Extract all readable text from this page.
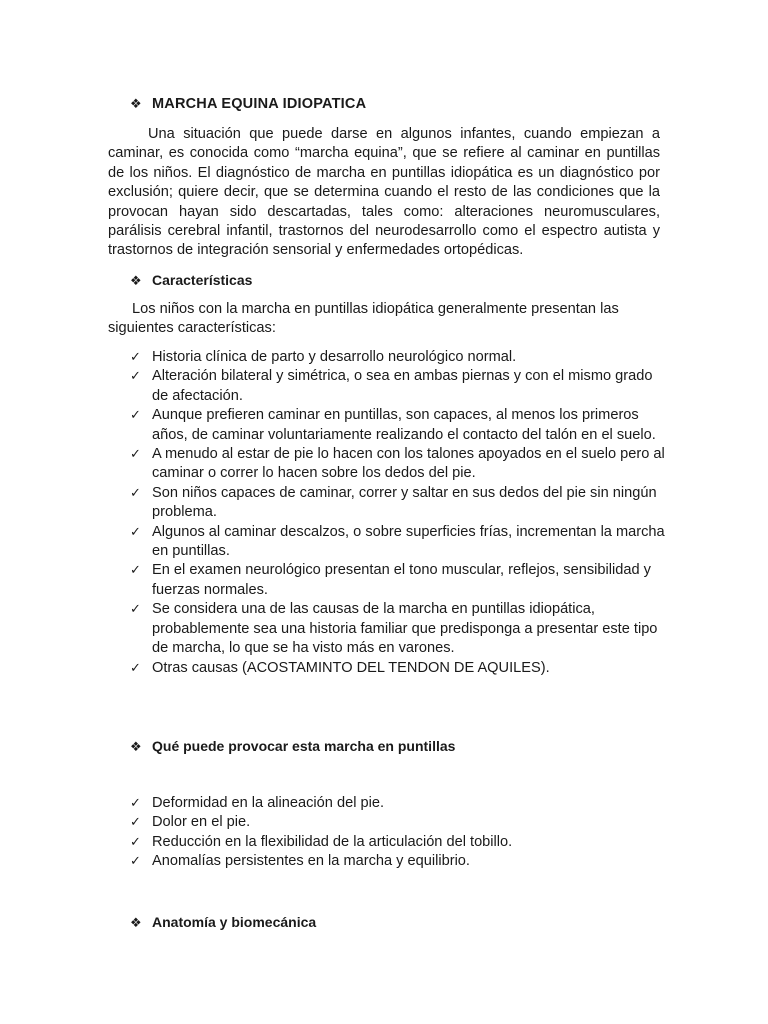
❖ MARCHA EQUINA IDIOPATICA

Una situación que puede darse en algunos infantes, cuando empiezan a caminar, es conocida como “marcha equina”, que se refiere al caminar en puntillas de los niños. El diagnóstico de marcha en puntillas idiopática es un diagnóstico por exclusión; quiere decir, que se determina cuando el resto de las condiciones que la provocan hayan sido descartadas, tales como: alteraciones neuromusculares, parálisis cerebral infantil, trastornos del neurodesarrollo como el espectro autista y trastornos de integración sensorial y enfermedades ortopédicas.

❖ Características

Los niños con la marcha en puntillas idiopática generalmente presentan las siguientes características:

✓ Historia clínica de parto y desarrollo neurológico normal.
✓ Alteración bilateral y simétrica, o sea en ambas piernas y con el mismo grado de afectación.
✓ Aunque prefieren caminar en puntillas, son capaces, al menos los primeros años, de caminar voluntariamente realizando el contacto del talón en el suelo.
✓ A menudo al estar de pie lo hacen con los talones apoyados en el suelo pero al caminar o correr lo hacen sobre los dedos del pie.
✓ Son niños capaces de caminar, correr y saltar en sus dedos del pie sin ningún problema.
✓ Algunos al caminar descalzos, o sobre superficies frías, incrementan la marcha en puntillas.
✓ En el examen neurológico presentan el tono muscular, reflejos, sensibilidad y fuerzas normales.
✓ Se considera una de las causas de la marcha en puntillas idiopática, probablemente sea una historia familiar que predisponga a presentar este tipo de marcha, lo que se ha visto más en varones.
✓ Otras causas (ACOSTAMINTO DEL TENDON DE AQUILES).
❖ Qué puede provocar esta marcha en puntillas
✓ Deformidad en la alineación del pie.
✓ Dolor en el pie.
✓ Reducción en la flexibilidad de la articulación del tobillo.
✓ Anomalías persistentes en la marcha y equilibrio.
❖ Anatomía y biomecánica
